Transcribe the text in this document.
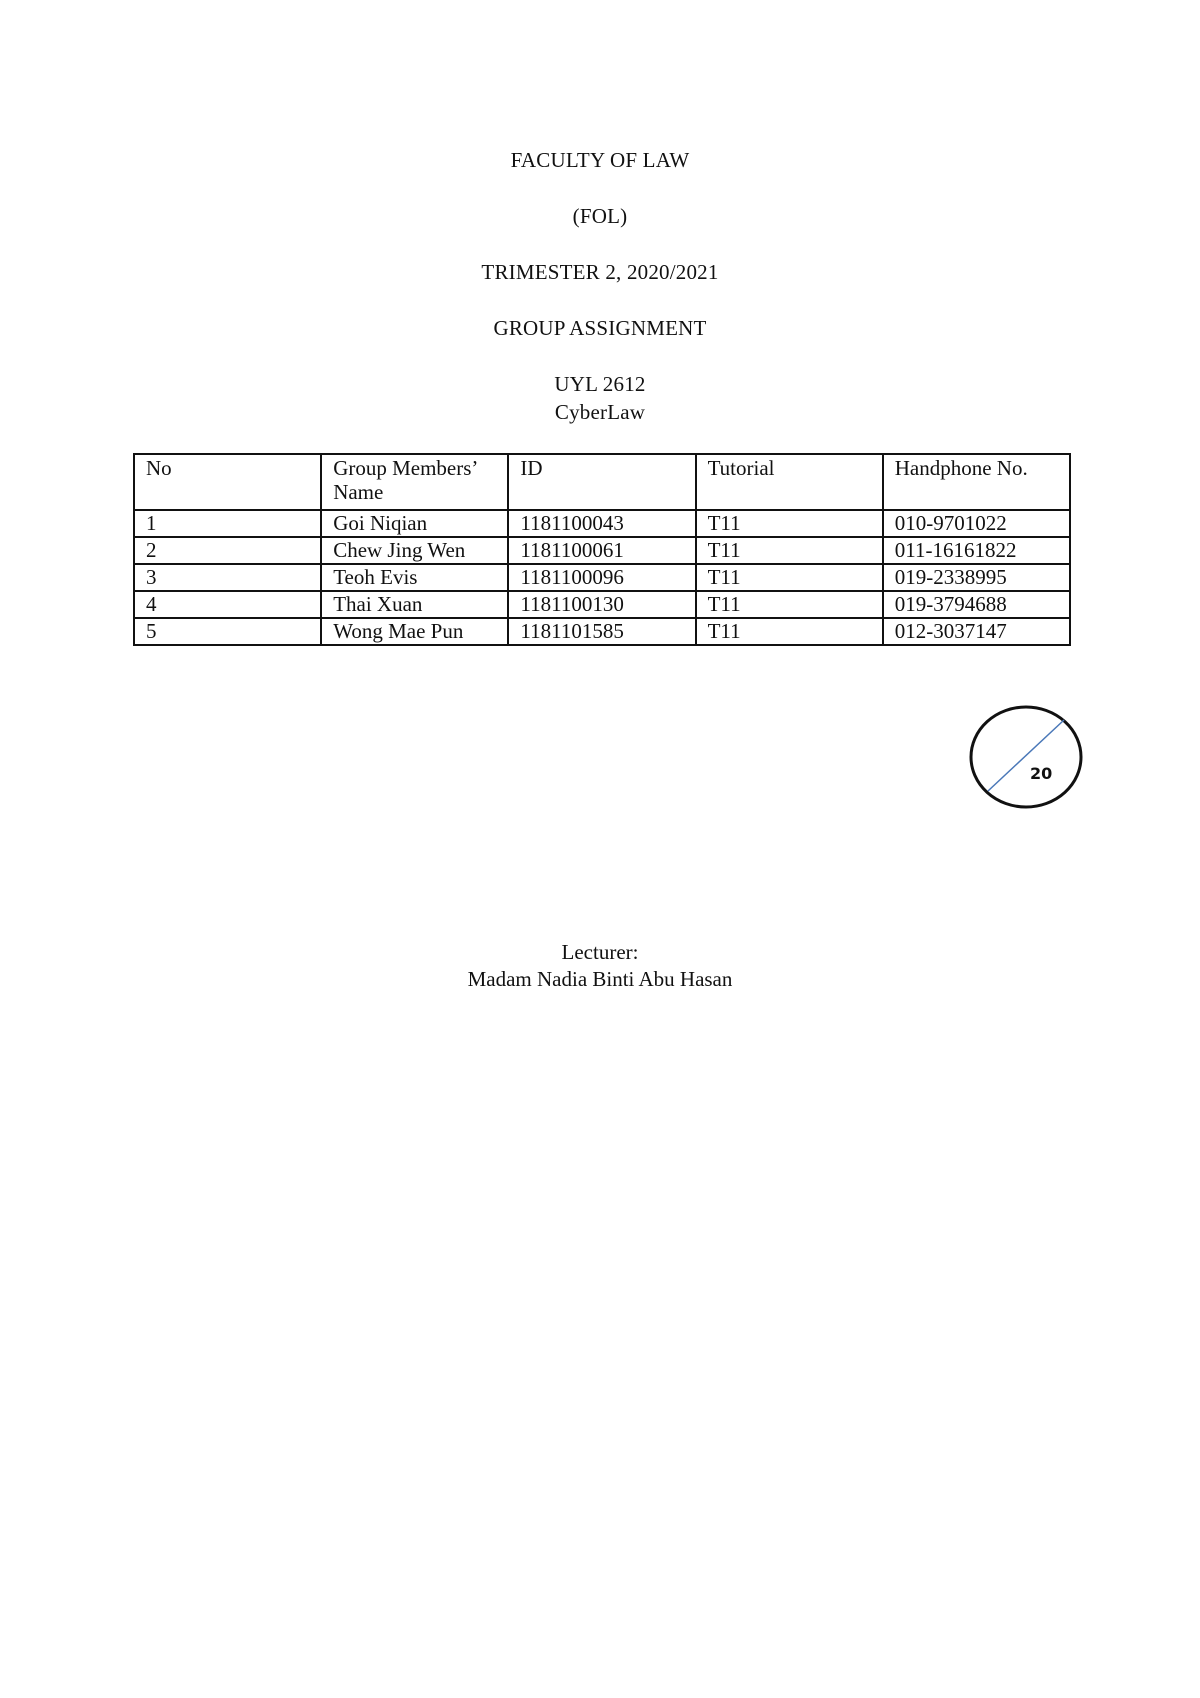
FACULTY OF LAW
(FOL)
TRIMESTER 2, 2020/2021
GROUP ASSIGNMENT
UYL 2612
CyberLaw
No	Group Members’ Name	ID	Tutorial	Handphone No.
1	Goi Niqian	1181100043	T11	010-9701022
2	Chew Jing Wen	1181100061	T11	011-16161822
3	Teoh Evis	1181100096	T11	019-2338995
4	Thai Xuan	1181100130	T11	019-3794688
5	Wong Mae Pun	1181101585	T11	012-3037147
20
Lecturer:
Madam Nadia Binti Abu Hasan
